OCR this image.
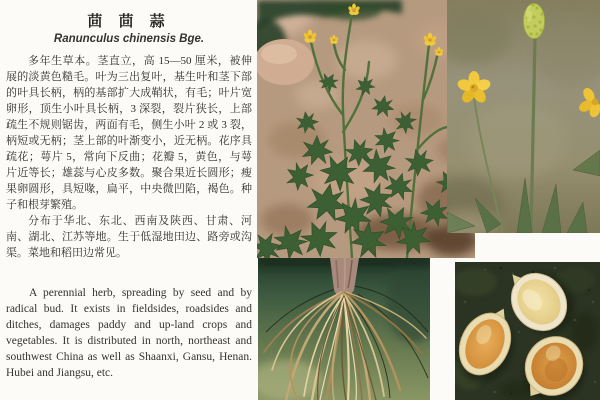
茴 茴 蒜
Ranunculus chinensis Bge.

多年生草本。茎直立，高 15—50 厘米，被伸展的淡黄色糙毛。叶为三出复叶，基生叶和茎下部的叶具长柄，柄的基部扩大成鞘状，有毛；叶片宽卵形，顶生小叶具长柄，3 深裂，裂片狭长，上部疏生不规则锯齿，两面有毛，侧生小叶 2 或 3 裂，柄短或无柄；茎上部的叶渐变小，近无柄。花序具疏花；萼片 5，常向下反曲；花瓣 5，黄色，与萼片近等长；雄蕊与心皮多数。聚合果近长圆形；瘦果卵圆形，具短喙，扁平，中央微凹陷，褐色。种子和根芽繁殖。

分布于华北、东北、西南及陕西、甘肃、河南、湖北、江苏等地。生于低湿地田边、路旁或沟渠。菜地和稻田边常见。

A perennial herb, spreading by seed and by radical bud. It exists in fieldsides, roadsides and ditches, damages paddy and up-land crops and vegetables. It is distributed in north, northeast and southwest China as well as Shaanxi, Gansu, Henan. Hubei and Jiangsu, etc.
